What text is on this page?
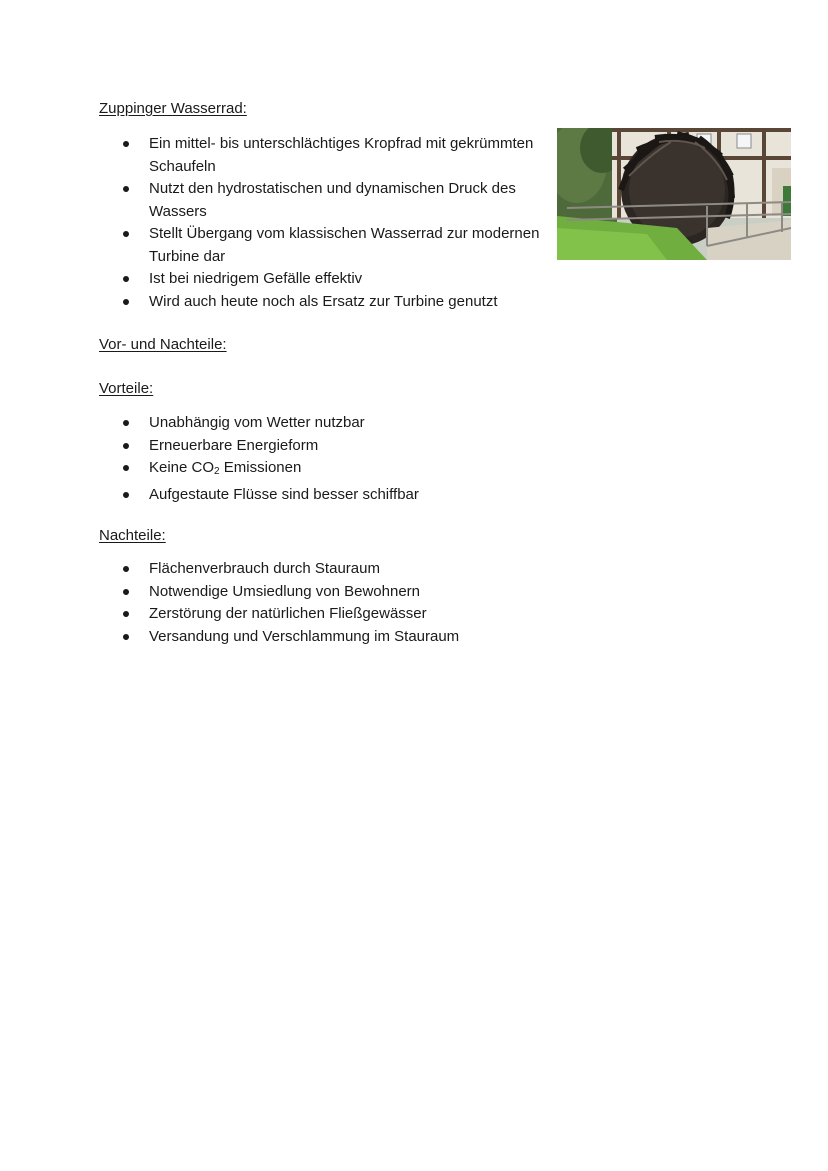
Zuppinger Wasserrad:
Ein mittel- bis unterschlächtiges Kropfrad mit gekrümmten Schaufeln
Nutzt den hydrostatischen und dynamischen Druck des Wassers
Stellt Übergang vom klassischen Wasserrad zur modernen Turbine dar
Ist bei niedrigem Gefälle effektiv
Wird auch heute noch als Ersatz zur Turbine genutzt
Vor- und Nachteile:
Vorteile:
Unabhängig vom Wetter nutzbar
Erneuerbare Energieform
Keine $CO_2$ Emissionen
Aufgestaute Flüsse sind besser schiffbar
Nachteile:
Flächenverbrauch durch Stauraum
Notwendige Umsiedlung von Bewohnern
Zerstörung der natürlichen Fließgewässer
Versandung und Verschlammung im Stauraum
